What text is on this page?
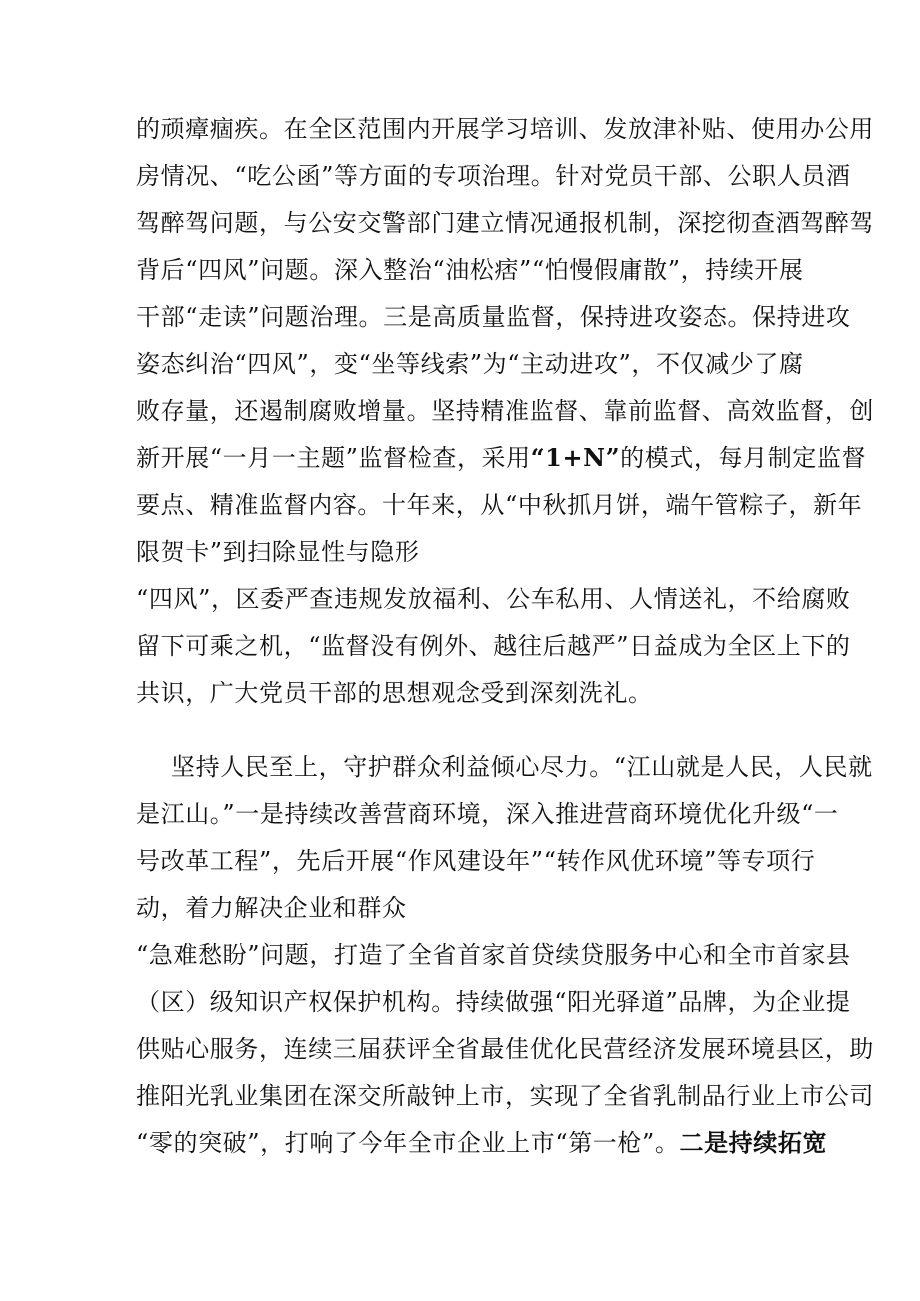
的顽瘴痼疾。在全区范围内开展学习培训、发放津补贴、使用办公用
房情况、“吃公函”等方面的专项治理。针对党员干部、公职人员酒
驾醉驾问题，与公安交警部门建立情况通报机制，深挖彻查酒驾醉驾
背后“四风”问题。深入整治“油松痞”“怕慢假庸散”，持续开展
干部“走读”问题治理。三是高质量监督，保持进攻姿态。保持进攻
姿态纠治“四风”，变“坐等线索”为“主动进攻”，不仅减少了腐
败存量，还遏制腐败增量。坚持精准监督、靠前监督、高效监督，创
新开展“一月一主题”监督检查，采用“1+N”的模式，每月制定监督
要点、精准监督内容。十年来，从“中秋抓月饼，端午管粽子，新年
限贺卡”到扫除显性与隐形
“四风”，区委严查违规发放福利、公车私用、人情送礼，不给腐败
留下可乘之机，“监督没有例外、越往后越严”日益成为全区上下的
共识，广大党员干部的思想观念受到深刻洗礼。
坚持人民至上，守护群众利益倾心尽力。“江山就是人民，人民就
是江山。”一是持续改善营商环境，深入推进营商环境优化升级“一
号改革工程”，先后开展“作风建设年”“转作风优环境”等专项行
动，着力解决企业和群众
“急难愁盼”问题，打造了全省首家首贷续贷服务中心和全市首家县
（区）级知识产权保护机构。持续做强“阳光驿道”品牌，为企业提
供贴心服务，连续三届获评全省最佳优化民营经济发展环境县区，助
推阳光乳业集团在深交所敲钟上市，实现了全省乳制品行业上市公司
“零的突破”，打响了今年全市企业上市“第一枪”。二是持续拓宽
